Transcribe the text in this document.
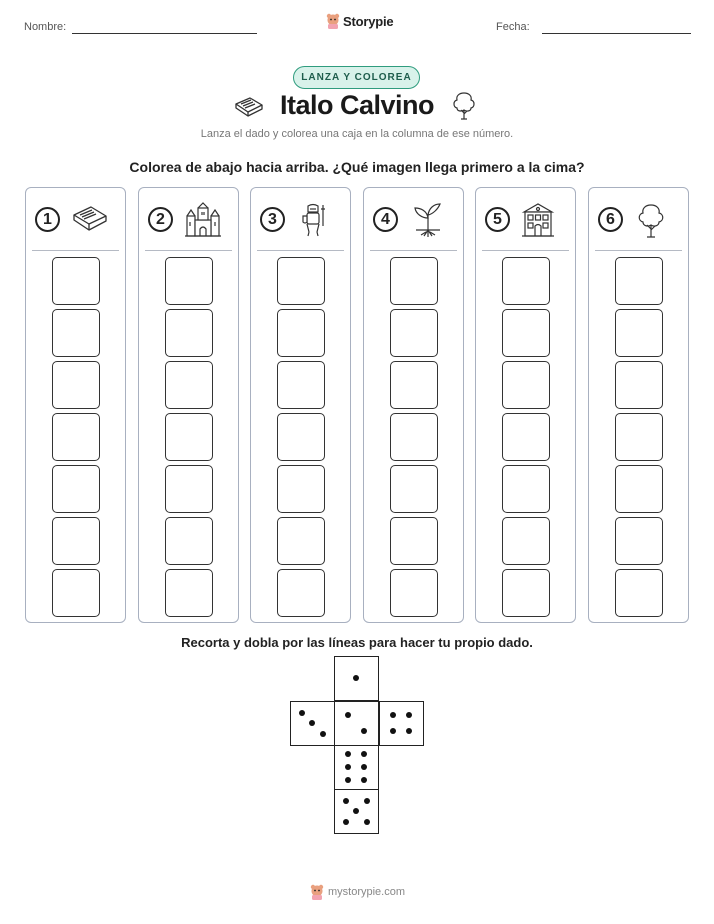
Nombre:	Storypie	Fecha:
LANZA Y COLOREA
Italo Calvino
Lanza el dado y colorea una caja en la columna de ese número.
Colorea de abajo hacia arriba. ¿Qué imagen llega primero a la cima?
1	2	3	4	5	6
Recorta y dobla por las líneas para hacer tu propio dado.
mystorypie.com
